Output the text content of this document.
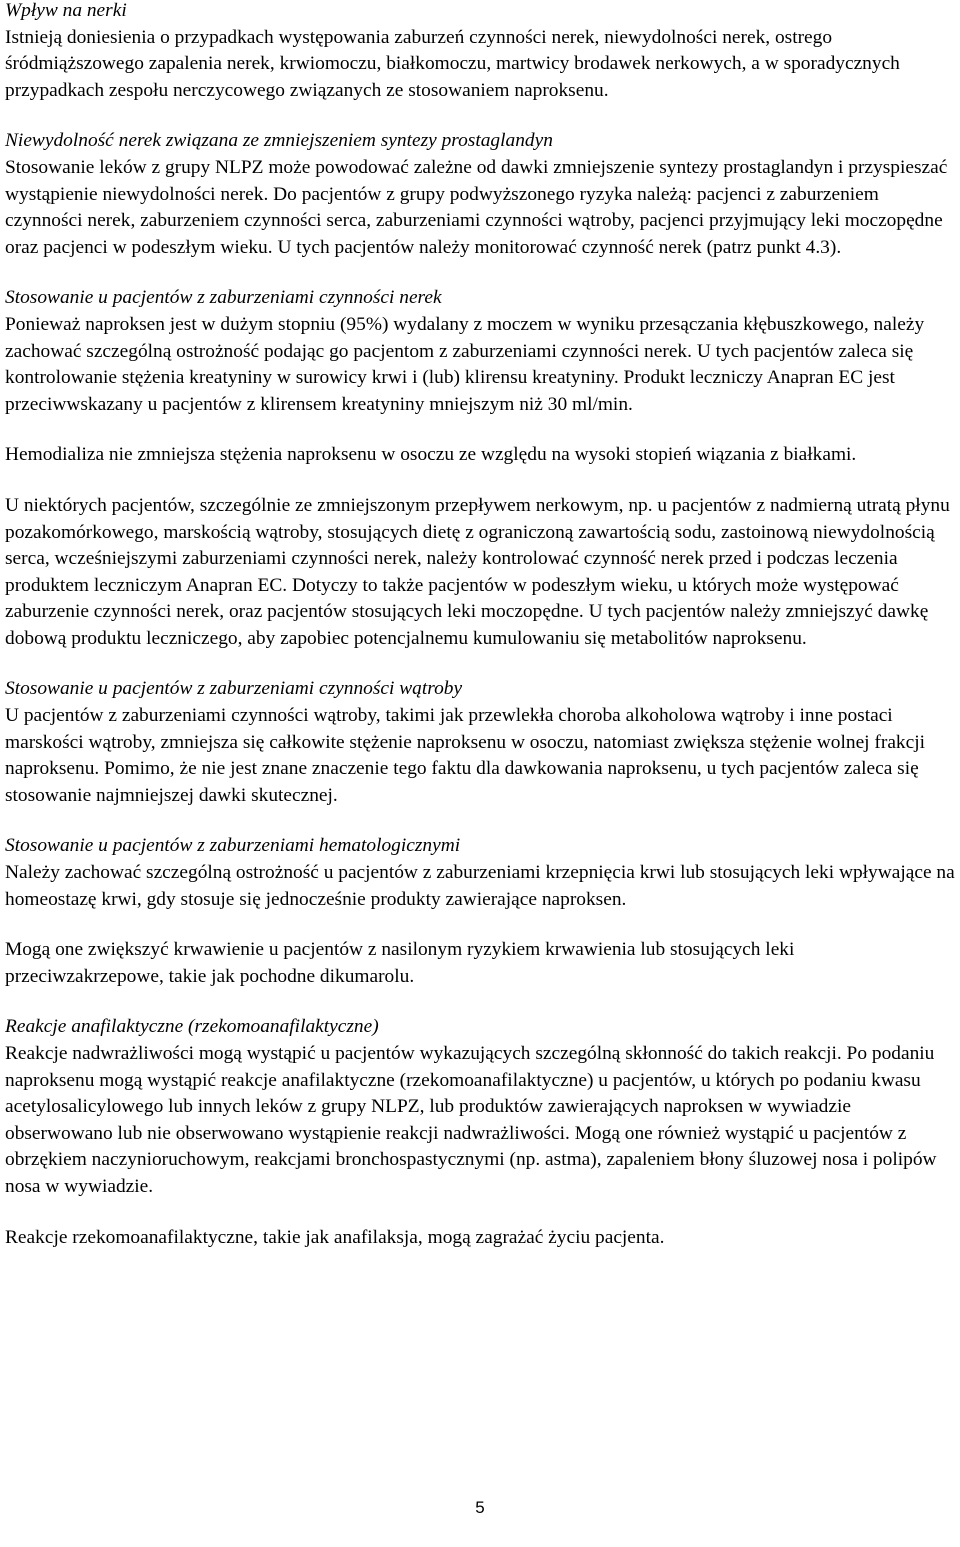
Wpływ na nerki

Istnieją doniesienia o przypadkach występowania zaburzeń czynności nerek, niewydolności nerek, ostrego śródmiąższowego zapalenia nerek, krwiomoczu, białkomoczu, martwicy brodawek nerkowych, a w sporadycznych przypadkach zespołu nerczycowego związanych ze stosowaniem naproksenu.

Niewydolność nerek związana ze zmniejszeniem syntezy prostaglandyn

Stosowanie leków z grupy NLPZ może powodować zależne od dawki zmniejszenie syntezy prostaglandyn i przyspieszać wystąpienie niewydolności nerek. Do pacjentów z grupy podwyższonego ryzyka należą: pacjenci z zaburzeniem czynności nerek, zaburzeniem czynności serca, zaburzeniami czynności wątroby, pacjenci przyjmujący leki moczopędne oraz pacjenci w podeszłym wieku. U tych pacjentów należy monitorować czynność nerek (patrz punkt 4.3).

Stosowanie u pacjentów z zaburzeniami czynności nerek

Ponieważ naproksen jest w dużym stopniu (95%) wydalany z moczem w wyniku przesączania kłębuszkowego, należy zachować szczególną ostrożność podając go pacjentom z zaburzeniami czynności nerek. U tych pacjentów zaleca się kontrolowanie stężenia kreatyniny w surowicy krwi i (lub) klirensu kreatyniny. Produkt leczniczy Anapran EC jest przeciwwskazany u pacjentów z klirensem kreatyniny mniejszym niż 30 ml/min.

Hemodializa nie zmniejsza stężenia naproksenu w osoczu ze względu na wysoki stopień wiązania z białkami.

U niektórych pacjentów, szczególnie ze zmniejszonym przepływem nerkowym, np. u pacjentów z nadmierną utratą płynu pozakomórkowego, marskością wątroby, stosujących dietę z ograniczoną zawartością sodu, zastoinową niewydolnością serca, wcześniejszymi zaburzeniami czynności nerek, należy kontrolować czynność nerek przed i podczas leczenia produktem leczniczym Anapran EC. Dotyczy to także pacjentów w podeszłym wieku, u których może występować zaburzenie czynności nerek, oraz pacjentów stosujących leki moczopędne. U tych pacjentów należy zmniejszyć dawkę dobową produktu leczniczego, aby zapobiec potencjalnemu kumulowaniu się metabolitów naproksenu.

Stosowanie u pacjentów z zaburzeniami czynności wątroby

U pacjentów z zaburzeniami czynności wątroby, takimi jak przewlekła choroba alkoholowa wątroby i inne postaci marskości wątroby, zmniejsza się całkowite stężenie naproksenu w osoczu, natomiast zwiększa stężenie wolnej frakcji naproksenu. Pomimo, że nie jest znane znaczenie tego faktu dla dawkowania naproksenu, u tych pacjentów zaleca się stosowanie najmniejszej dawki skutecznej.

Stosowanie u pacjentów z zaburzeniami hematologicznymi

Należy zachować szczególną ostrożność u pacjentów z zaburzeniami krzepnięcia krwi lub stosujących leki wpływające na homeostazę krwi, gdy stosuje się jednocześnie produkty zawierające naproksen.

Mogą one zwiększyć krwawienie u pacjentów z nasilonym ryzykiem krwawienia lub stosujących leki przeciwzakrzepowe, takie jak pochodne dikumarolu.

Reakcje anafilaktyczne (rzekomoanafilaktyczne)

Reakcje nadwrażliwości mogą wystąpić u pacjentów wykazujących szczególną skłonność do takich reakcji. Po podaniu naproksenu mogą wystąpić reakcje anafilaktyczne (rzekomoanafilaktyczne) u pacjentów, u których po podaniu kwasu acetylosalicylowego lub innych leków z grupy NLPZ, lub produktów zawierających naproksen w wywiadzie obserwowano lub nie obserwowano wystąpienie reakcji nadwrażliwości. Mogą one również wystąpić u pacjentów z obrzękiem naczynioruchowym, reakcjami bronchospastycznymi (np. astma), zapaleniem błony śluzowej nosa i polipów nosa w wywiadzie.

Reakcje rzekomoanafilaktyczne, takie jak anafilaksja, mogą zagrażać życiu pacjenta.

5
